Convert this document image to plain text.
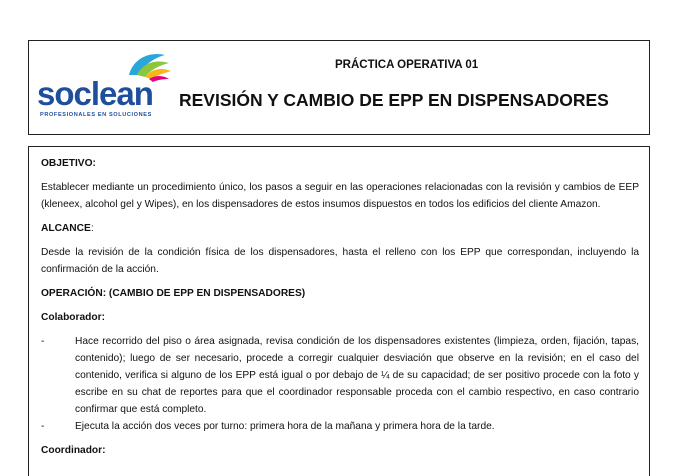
soclean
PROFESIONALES EN SOLUCIONES
PRÁCTICA OPERATIVA 01
REVISIÓN Y CAMBIO DE EPP EN DISPENSADORES

OBJETIVO:

Establecer mediante un procedimiento único, los pasos a seguir en las operaciones relacionadas con la revisión y cambios de EEP (kleneex, alcohol gel y Wipes), en los dispensadores de estos insumos dispuestos en todos los edificios del cliente Amazon.

ALCANCE:

Desde la revisión de la condición física de los dispensadores, hasta el relleno con los EPP que correspondan, incluyendo la confirmación de la acción.

OPERACIÓN: (CAMBIO DE EPP EN DISPENSADORES)

Colaborador:

-	Hace recorrido del piso o área asignada, revisa condición de los dispensadores existentes (limpieza, orden, fijación, tapas, contenido); luego de ser necesario, procede a corregir cualquier desviación que observe en la revisión; en el caso del contenido, verifica si alguno de los EPP está igual o por debajo de ¼ de su capacidad; de ser positivo procede con la foto y escribe en su chat de reportes para que el coordinador responsable proceda con el cambio respectivo, en caso contrario confirmar que está completo.
-	Ejecuta la acción dos veces por turno: primera hora de la mañana y primera hora de la tarde.

Coordinador:
